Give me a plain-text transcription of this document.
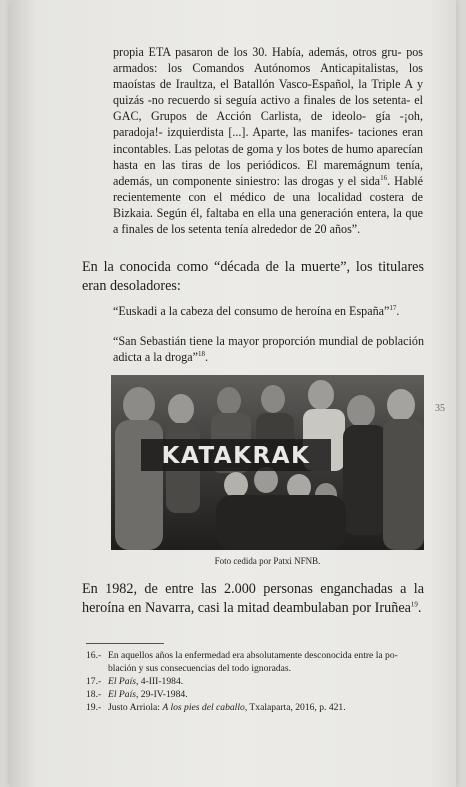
propia ETA pasaron de los 30. Había, además, otros gru- pos armados: los Comandos Autónomos Anticapitalistas, los maoístas de Iraultza, el Batallón Vasco-Español, la Triple A y quizás -no recuerdo si seguía activo a finales de los setenta- el GAC, Grupos de Acción Carlista, de ideolo- gía -¡oh, paradoja!- izquierdista [...]. Aparte, las manifes- taciones eran incontables. Las pelotas de goma y los botes de humo aparecían hasta en las tiras de los periódicos. El maremágnum tenía, además, un componente siniestro: las drogas y el sida$^{16}$. Hablé recientemente con el médico de una localidad costera de Bizkaia. Según él, faltaba en ella una generación entera, la que a finales de los setenta tenía alrededor de 20 años”.
En la conocida como “década de la muerte”, los titulares eran desoladores:
“Euskadi a la cabeza del consumo de heroína en España”$^{17}$.
“San Sebastián tiene la mayor proporción mundial de población adicta a la droga”$^{18}$.
35
KATAKRAK
Foto cedida por Patxi NFNB.
En 1982, de entre las 2.000 personas enganchadas a la heroína en Navarra, casi la mitad deambulaban por Iruñea$^{19}$.
16.- En aquellos años la enfermedad era absolutamente desconocida entre la po-
blación y sus consecuencias del todo ignoradas.
17.- El País, 4-III-1984.
18.- El País, 29-IV-1984.
19.- Justo Arriola: A los pies del caballo, Txalaparta, 2016, p. 421.
